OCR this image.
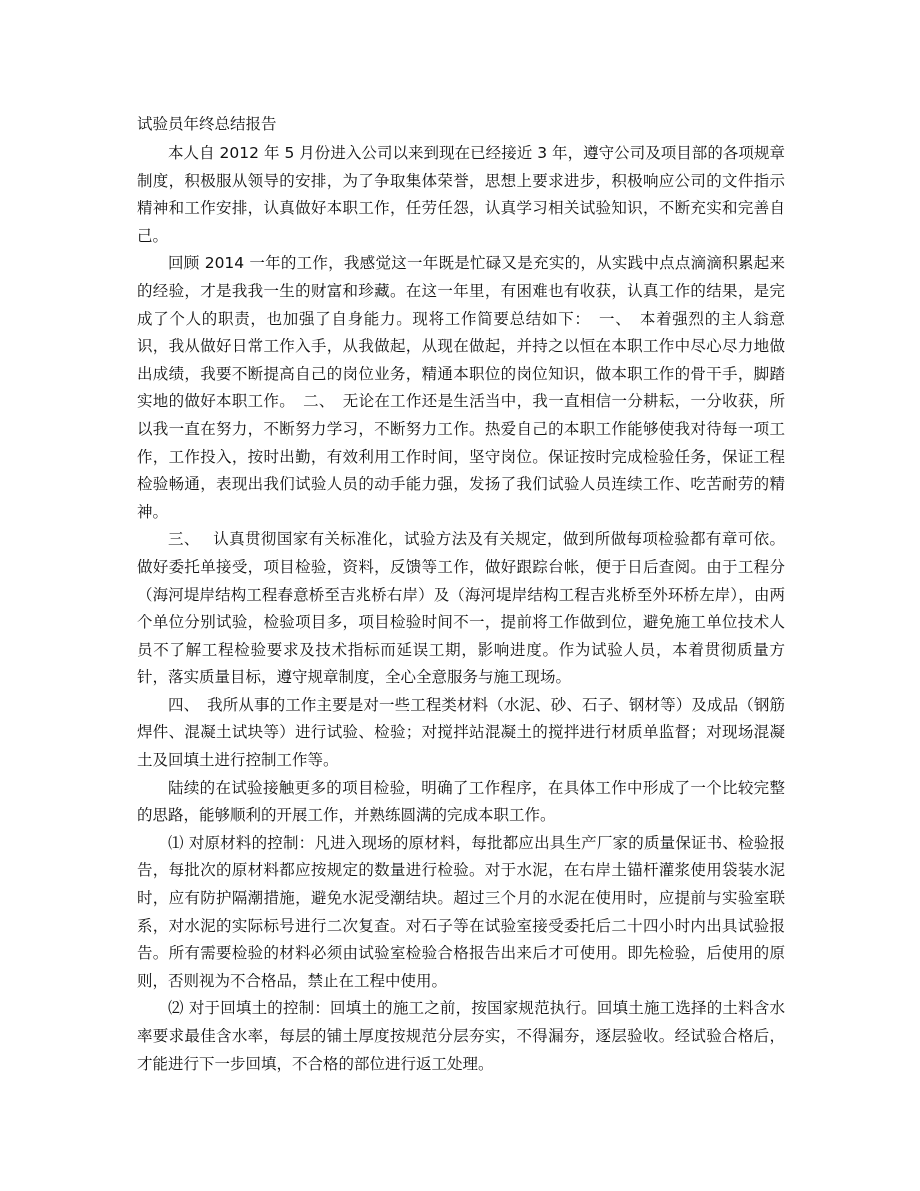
试验员年终总结报告

本人自 2012 年 5 月份进入公司以来到现在已经接近 3 年，遵守公司及项目部的各项规章制度，积极服从领导的安排，为了争取集体荣誉，思想上要求进步，积极响应公司的文件指示精神和工作安排，认真做好本职工作，任劳任怨，认真学习相关试验知识，不断充实和完善自己。

回顾 2014 一年的工作，我感觉这一年既是忙碌又是充实的，从实践中点点滴滴积累起来的经验，才是我我一生的财富和珍藏。在这一年里，有困难也有收获，认真工作的结果，是完成了个人的职责，也加强了自身能力。现将工作简要总结如下：　一、　本着强烈的主人翁意识，我从做好日常工作入手，从我做起，从现在做起，并持之以恒在本职工作中尽心尽力地做出成绩，我要不断提高自己的岗位业务，精通本职位的岗位知识，做本职工作的骨干手，脚踏实地的做好本职工作。　二、　无论在工作还是生活当中，我一直相信一分耕耘，一分收获，所以我一直在努力，不断努力学习，不断努力工作。热爱自己的本职工作能够使我对待每一项工作，工作投入，按时出勤，有效利用工作时间，坚守岗位。保证按时完成检验任务，保证工程检验畅通，表现出我们试验人员的动手能力强，发扬了我们试验人员连续工作、吃苦耐劳的精神。

三、　 认真贯彻国家有关标准化，试验方法及有关规定，做到所做每项检验都有章可依。做好委托单接受，项目检验，资料，反馈等工作，做好跟踪台帐，便于日后查阅。由于工程分（海河堤岸结构工程春意桥至吉兆桥右岸）及（海河堤岸结构工程吉兆桥至外环桥左岸），由两个单位分别试验，检验项目多，项目检验时间不一，提前将工作做到位，避免施工单位技术人员不了解工程检验要求及技术指标而延误工期，影响进度。作为试验人员，本着贯彻质量方针，落实质量目标，遵守规章制度，全心全意服务与施工现场。

四、　我所从事的工作主要是对一些工程类材料（水泥、砂、石子、钢材等）及成品（钢筋焊件、混凝土试块等）进行试验、检验；对搅拌站混凝土的搅拌进行材质单监督；对现场混凝土及回填土进行控制工作等。

陆续的在试验接触更多的项目检验，明确了工作程序，在具体工作中形成了一个比较完整的思路，能够顺利的开展工作，并熟练圆满的完成本职工作。

⑴ 对原材料的控制：凡进入现场的原材料，每批都应出具生产厂家的质量保证书、检验报告，每批次的原材料都应按规定的数量进行检验。对于水泥，在右岸土锚杆灌浆使用袋装水泥时，应有防护隔潮措施，避免水泥受潮结块。超过三个月的水泥在使用时，应提前与实验室联系，对水泥的实际标号进行二次复查。对石子等在试验室接受委托后二十四小时内出具试验报告。所有需要检验的材料必须由试验室检验合格报告出来后才可使用。即先检验，后使用的原则，否则视为不合格品，禁止在工程中使用。

⑵ 对于回填土的控制：回填土的施工之前，按国家规范执行。回填土施工选择的土料含水率要求最佳含水率，每层的铺土厚度按规范分层夯实，不得漏夯，逐层验收。经试验合格后，才能进行下一步回填，不合格的部位进行返工处理。
